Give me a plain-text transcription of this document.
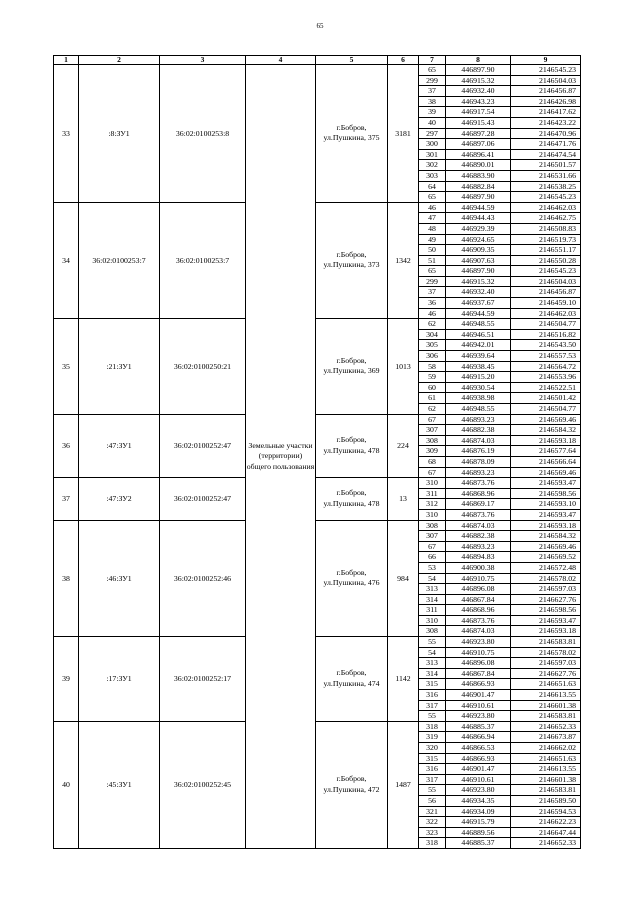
65
1	2	3	4	5	6	7	8	9
33	:8:ЗУ1	36:02:0100253:8	Земельные участки (территории) общего пользования	г.Бобров, ул.Пушкина, 375	3181	65	446897.90	2146545.23
						299	446915.32	2146504.03
						37	446932.40	2146456.87
						38	446943.23	2146426.98
						39	446917.54	2146417.62
						40	446915.43	2146423.22
						297	446897.28	2146470.96
						300	446897.06	2146471.76
						301	446896.41	2146474.54
						302	446890.01	2146501.57
						303	446883.90	2146531.66
						64	446882.84	2146538.25
						65	446897.90	2146545.23
34	36:02:0100253:7	36:02:0100253:7		г.Бобров, ул.Пушкина, 373	1342	46	446944.59	2146462.03
						47	446944.43	2146462.75
						48	446929.39	2146508.83
						49	446924.65	2146519.73
						50	446909.35	2146551.17
						51	446907.63	2146550.28
						65	446897.90	2146545.23
						299	446915.32	2146504.03
						37	446932.40	2146456.87
						36	446937.67	2146459.10
						46	446944.59	2146462.03
35	:21:ЗУ1	36:02:0100250:21		г.Бобров, ул.Пушкина, 369	1013	62	446948.55	2146504.77
						304	446946.51	2146516.82
						305	446942.01	2146543.50
						306	446939.64	2146557.53
						58	446938.45	2146564.72
						59	446915.20	2146553.96
						60	446930.54	2146522.51
						61	446938.98	2146501.42
						62	446948.55	2146504.77
36	:47:ЗУ1	36:02:0100252:47		г.Бобров, ул.Пушкина, 478	224	67	446893.23	2146569.46
						307	446882.38	2146584.32
						308	446874.03	2146593.18
						309	446876.19	2146577.64
						68	446878.09	2146566.64
						67	446893.23	2146569.46
37	:47:ЗУ2	36:02:0100252:47		г.Бобров, ул.Пушкина, 478	13	310	446873.76	2146593.47
						311	446868.96	2146598.56
						312	446869.17	2146593.10
						310	446873.76	2146593.47
38	:46:ЗУ1	36:02:0100252:46		г.Бобров, ул.Пушкина, 476	984	308	446874.03	2146593.18
						307	446882.38	2146584.32
						67	446893.23	2146569.46
						66	446894.83	2146569.52
						53	446900.38	2146572.48
						54	446910.75	2146578.02
						313	446896.08	2146597.03
						314	446867.84	2146627.76
						311	446868.96	2146598.56
						310	446873.76	2146593.47
						308	446874.03	2146593.18
39	:17:ЗУ1	36:02:0100252:17		г.Бобров, ул.Пушкина, 474	1142	55	446923.80	2146583.81
						54	446910.75	2146578.02
						313	446896.08	2146597.03
						314	446867.84	2146627.76
						315	446866.93	2146651.63
						316	446901.47	2146613.55
						317	446910.61	2146601.38
						55	446923.80	2146583.81
40	:45:ЗУ1	36:02:0100252:45		г.Бобров, ул.Пушкина, 472	1487	318	446885.37	2146652.33
						319	446866.94	2146673.87
						320	446866.53	2146662.02
						315	446866.93	2146651.63
						316	446901.47	2146613.55
						317	446910.61	2146601.38
						55	446923.80	2146583.81
						56	446934.35	2146589.50
						321	446934.09	2146594.53
						322	446915.79	2146622.23
						323	446889.56	2146647.44
						318	446885.37	2146652.33
